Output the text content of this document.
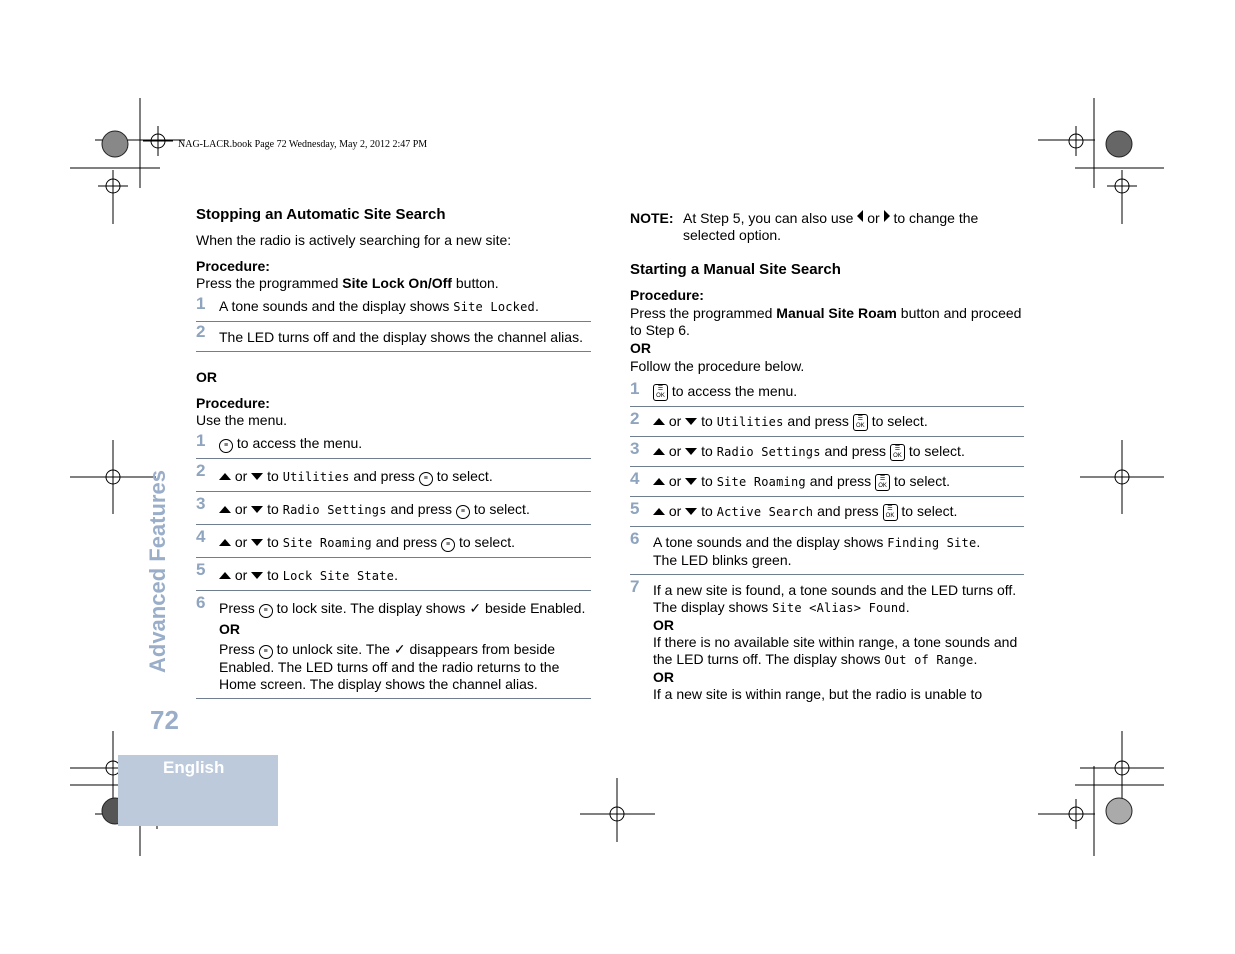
NAG-LACR.book Page 72 Wednesday, May 2, 2012 2:47 PM
Advanced Features
72
English
Stopping an Automatic Site Search
When the radio is actively searching for a new site:
Procedure:
Press the programmed Site Lock On/Off button.
1 A tone sounds and the display shows Site Locked.
2 The LED turns off and the display shows the channel alias.
OR
Procedure:
Use the menu.
1	≡ to access the menu.
2 or to Utilities and press ≡ to select.
3 or to Radio Settings and press ≡ to select.
4 or to Site Roaming and press ≡ to select.
5 or to Lock Site State.
6 Press ≡ to lock site. The display shows ✓ beside Enabled.
OR
Press ≡ to unlock site. The ✓ disappears from beside Enabled. The LED turns off and the radio returns to the Home screen. The display shows the channel alias.
NOTE: At Step 5, you can also use or to change the selected option.
Starting a Manual Site Search
Procedure:
Press the programmed Manual Site Roam button and proceed to Step 6.
OR
Follow the procedure below.
1	☰
OK to access the menu.
2 or to Utilities and press ☰
OK to select.
3 or to Radio Settings and press ☰
OK to select.
4 or to Site Roaming and press ☰
OK to select.
5 or to Active Search and press ☰
OK to select.
6 A tone sounds and the display shows Finding Site.
The LED blinks green.
7 If a new site is found, a tone sounds and the LED turns off. The display shows Site <Alias> Found.
OR
If there is no available site within range, a tone sounds and the LED turns off. The display shows Out of Range.
OR
If a new site is within range, but the radio is unable to
